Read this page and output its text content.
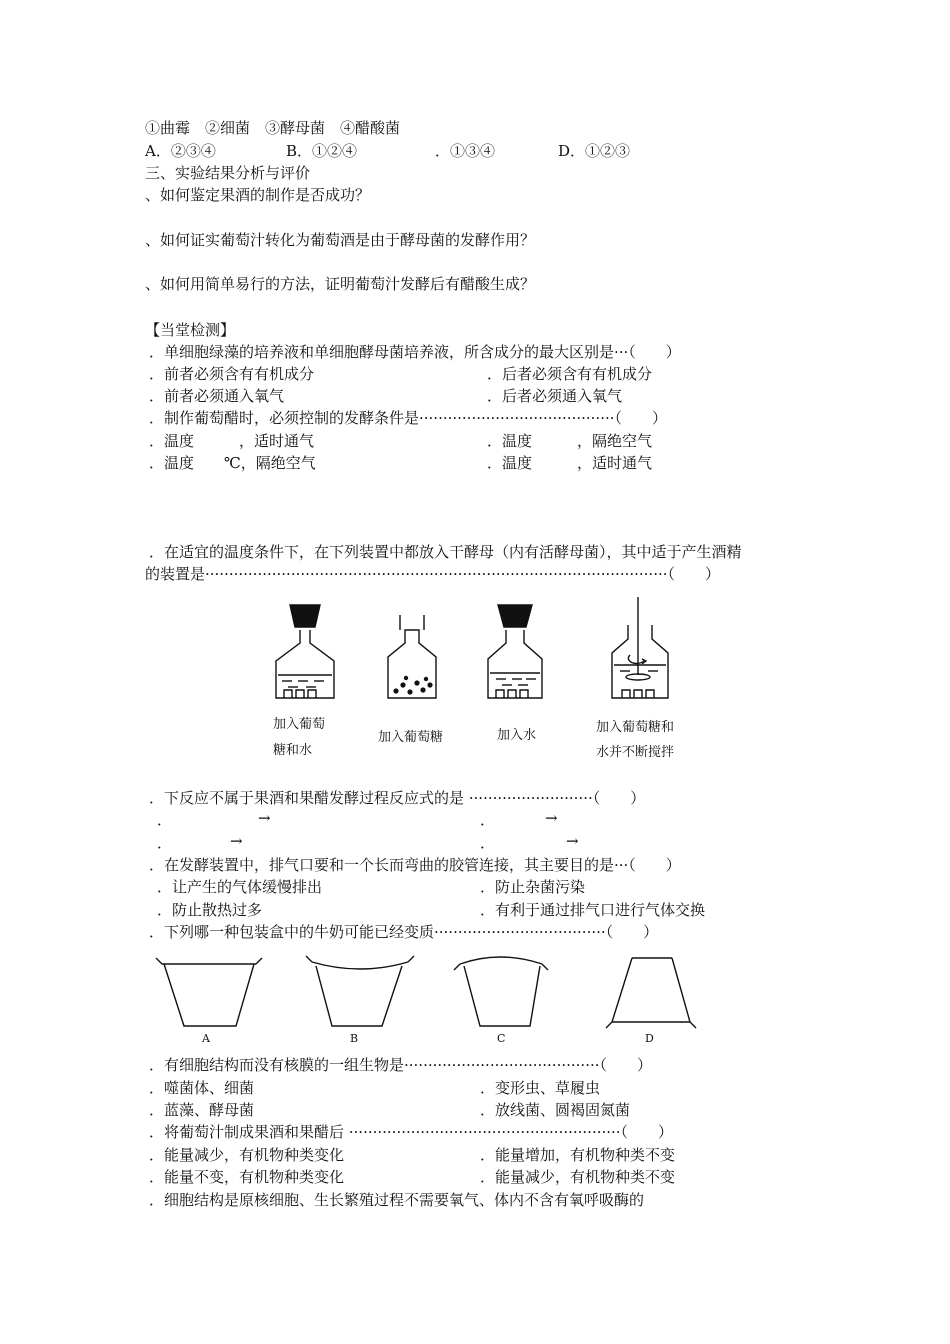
①曲霉　②细菌　③酵母菌　④醋酸菌
A．②③④	B．①②④	．①③④	D．①②③
三、实验结果分析与评价
、如何鉴定果酒的制作是否成功？
、如何证实葡萄汁转化为葡萄酒是由于酵母菌的发酵作用？
、如何用简单易行的方法，证明葡萄汁发酵后有醋酸生成？
【当堂检测】
．单细胞绿藻的培养液和单细胞酵母菌培养液，所含成分的最大区别是···（　　）
．前者必须含有有机成分	．后者必须含有有机成分
．前者必须通入氧气	．后者必须通入氧气
．制作葡萄醋时，必须控制的发酵条件是·········································（　　）
．温度　　　，适时通气	．温度　　　，隔绝空气
．温度　　℃，隔绝空气	．温度　　　，适时通气
．在适宜的温度条件下，在下列装置中都放入干酵母（内有活酵母菌），其中适于产生酒精
的装置是·································································································（　　）
加入葡萄
糖和水
加入葡萄糖	加入水
加入葡萄糖和
水并不断搅拌
．下反应不属于果酒和果醋发酵过程反应式的是 ··························（　　）
．	→	．	→
．	→	．	→
．在发酵装置中，排气口要和一个长而弯曲的胶管连接，其主要目的是···（　　）
．让产生的气体缓慢排出	．防止杂菌污染
．防止散热过多	．有利于通过排气口进行气体交换
．下列哪一种包装盒中的牛奶可能已经变质····································（　　）
A	B	C	D
．有细胞结构而没有核膜的一组生物是·········································（　　）
．噬菌体、细菌	．变形虫、草履虫
．蓝藻、酵母菌	．放线菌、圆褐固氮菌
．将葡萄汁制成果酒和果醋后 ·························································（　　）
．能量减少，有机物种类变化	．能量增加，有机物种类不变
．能量不变，有机物种类变化	．能量减少，有机物种类不变
．细胞结构是原核细胞、生长繁殖过程不需要氧气、体内不含有氧呼吸酶的
